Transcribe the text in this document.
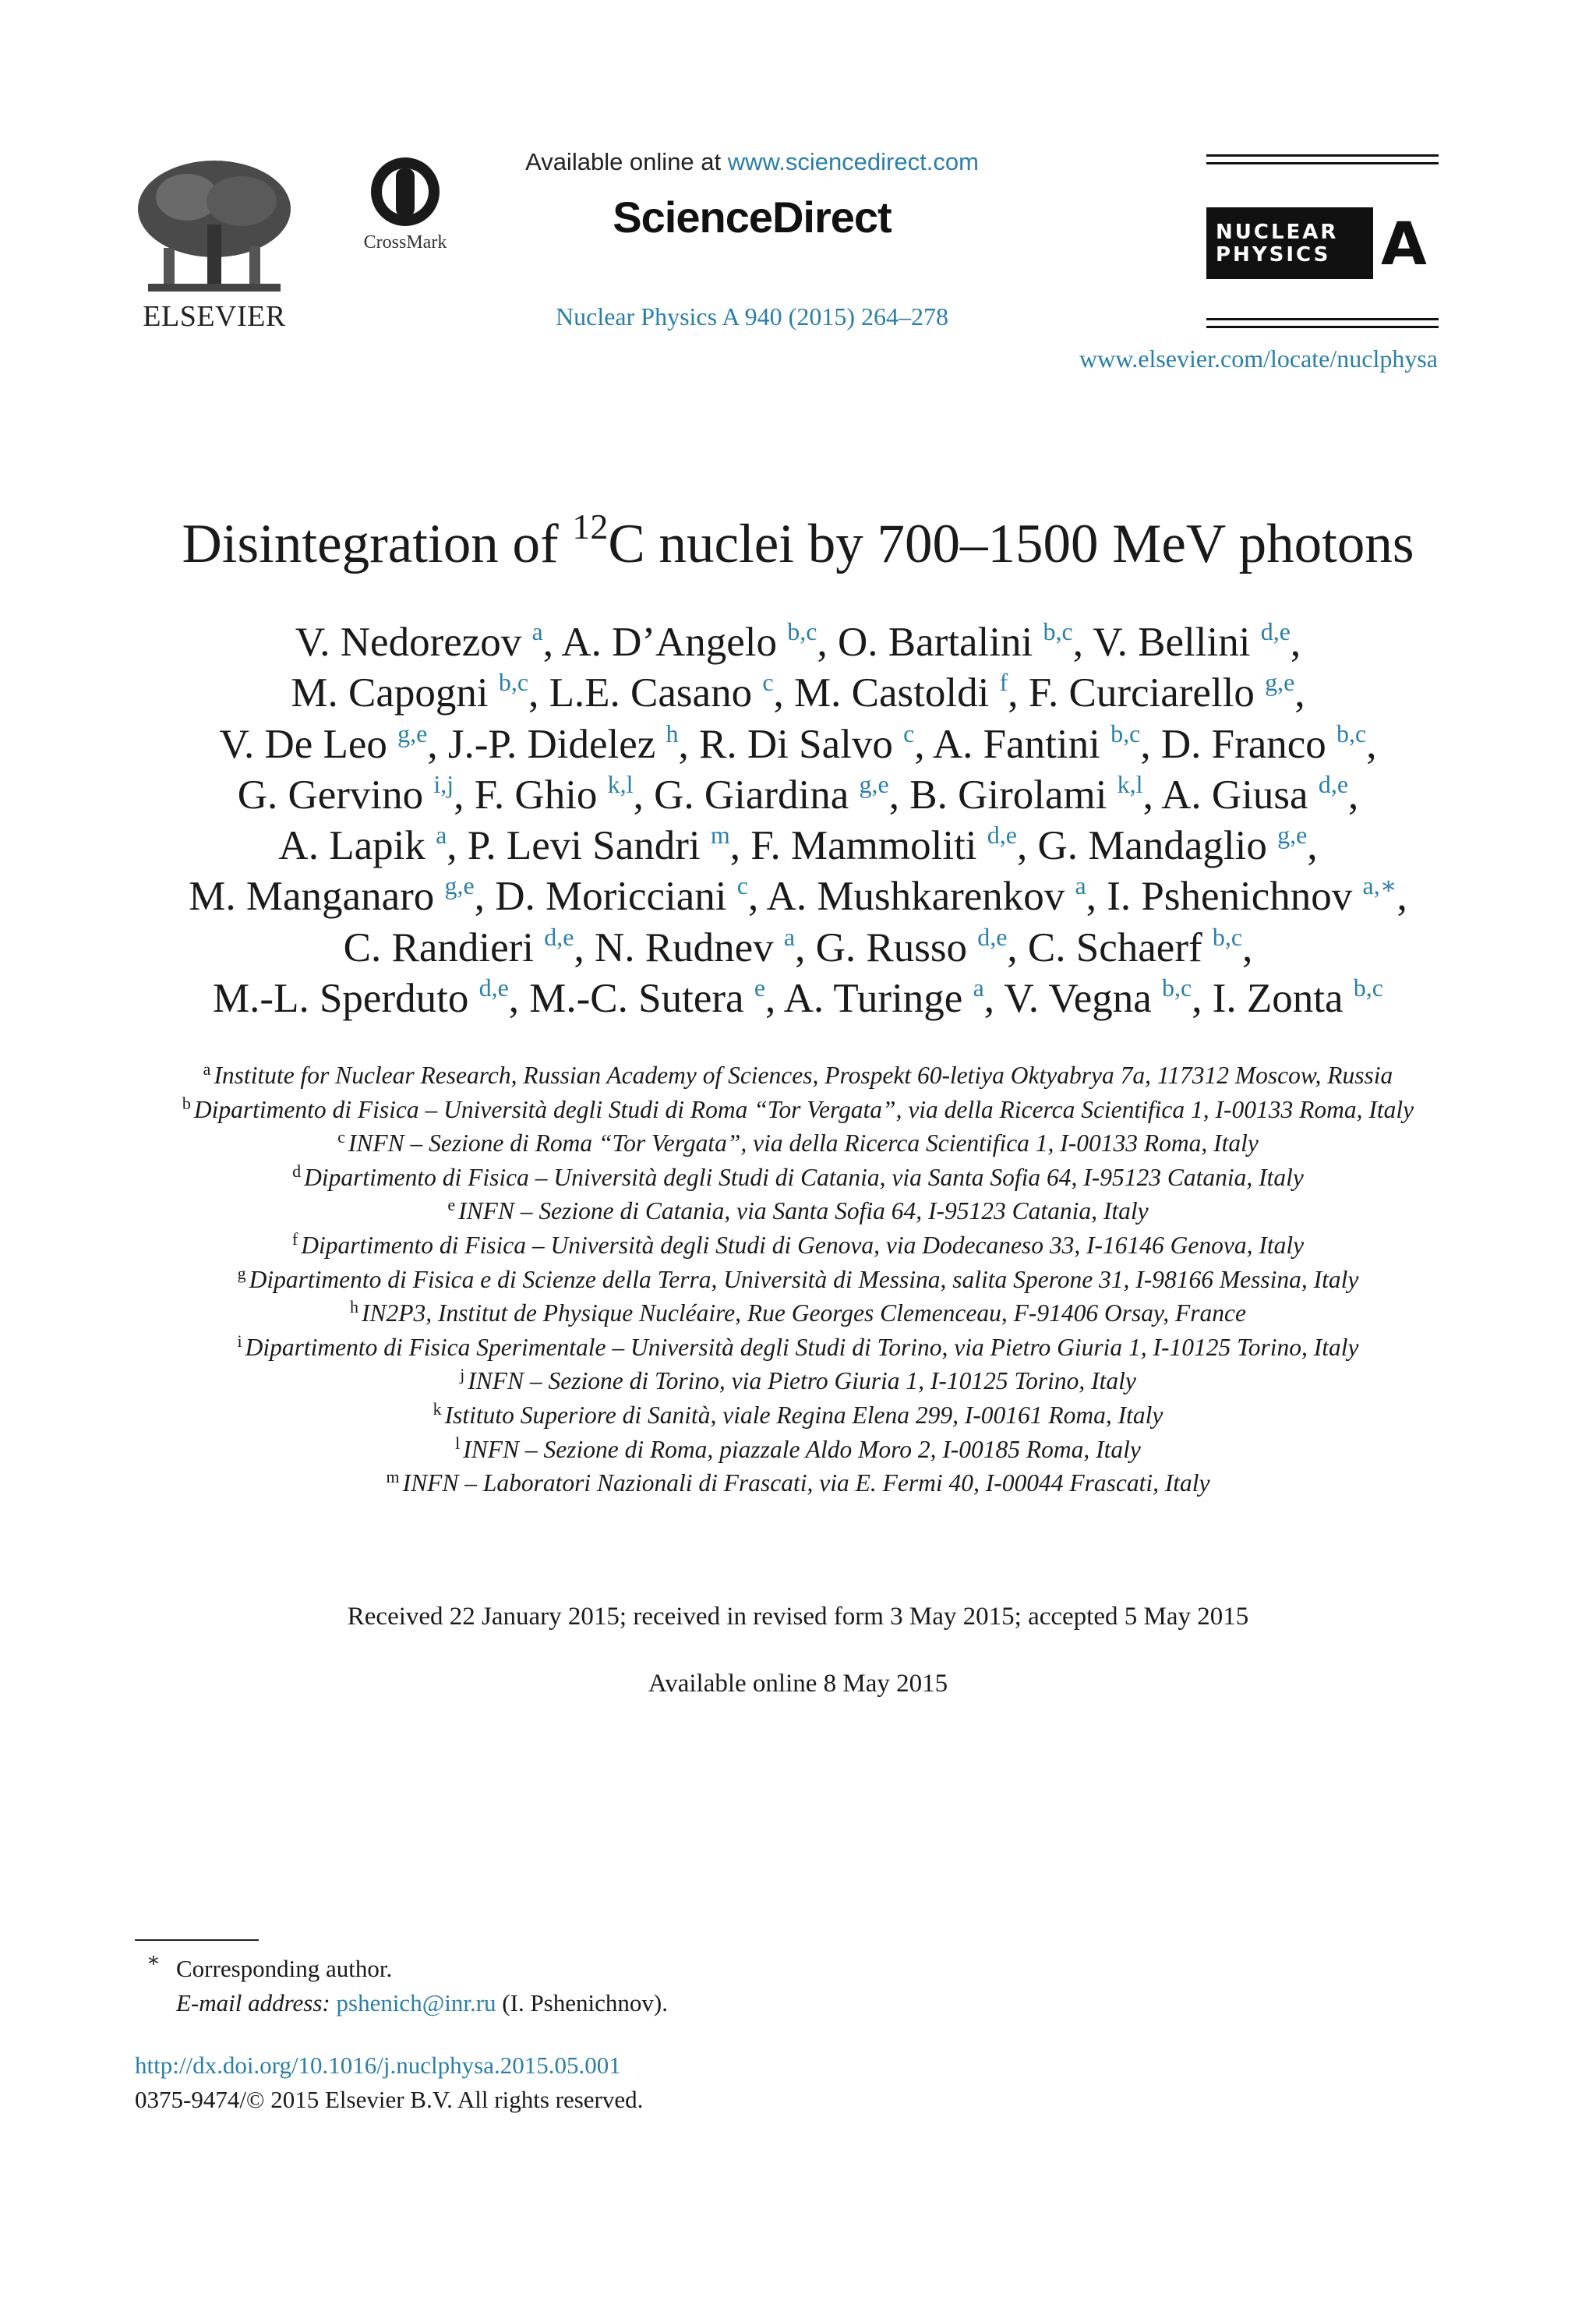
ELSEVIER
CrossMark
Available online at www.sciencedirect.com
ScienceDirect
Nuclear Physics A 940 (2015) 264–278
NUCLEAR
PHYSICS A
www.elsevier.com/locate/nuclphysa
Disintegration of $^{12}$C nuclei by 700–1500 MeV photons
V. Nedorezov $^a$, A. D’Angelo $^{b,c}$, O. Bartalini $^{b,c}$, V. Bellini $^{d,e}$,
M. Capogni $^{b,c}$, L.E. Casano $^c$, M. Castoldi $^f$, F. Curciarello $^{g,e}$,
V. De Leo $^{g,e}$, J.-P. Didelez $^h$, R. Di Salvo $^c$, A. Fantini $^{b,c}$, D. Franco $^{b,c}$,
G. Gervino $^{i,j}$, F. Ghio $^{k,l}$, G. Giardina $^{g,e}$, B. Girolami $^{k,l}$, A. Giusa $^{d,e}$,
A. Lapik $^a$, P. Levi Sandri $^m$, F. Mammoliti $^{d,e}$, G. Mandaglio $^{g,e}$,
M. Manganaro $^{g,e}$, D. Moricciani $^c$, A. Mushkarenkov $^a$, I. Pshenichnov $^{a,∗}$,
C. Randieri $^{d,e}$, N. Rudnev $^a$, G. Russo $^{d,e}$, C. Schaerf $^{b,c}$,
M.-L. Sperduto $^{d,e}$, M.-C. Sutera $^e$, A. Turinge $^a$, V. Vegna $^{b,c}$, I. Zonta $^{b,c}$
$^a$ Institute for Nuclear Research, Russian Academy of Sciences, Prospekt 60-letiya Oktyabrya 7a, 117312 Moscow, Russia
$^b$ Dipartimento di Fisica – Università degli Studi di Roma “Tor Vergata”, via della Ricerca Scientifica 1, I-00133 Roma, Italy
$^c$ INFN – Sezione di Roma “Tor Vergata”, via della Ricerca Scientifica 1, I-00133 Roma, Italy
$^d$ Dipartimento di Fisica – Università degli Studi di Catania, via Santa Sofia 64, I-95123 Catania, Italy
$^e$ INFN – Sezione di Catania, via Santa Sofia 64, I-95123 Catania, Italy
$^f$ Dipartimento di Fisica – Università degli Studi di Genova, via Dodecaneso 33, I-16146 Genova, Italy
$^g$ Dipartimento di Fisica e di Scienze della Terra, Università di Messina, salita Sperone 31, I-98166 Messina, Italy
$^h$ IN2P3, Institut de Physique Nucléaire, Rue Georges Clemenceau, F-91406 Orsay, France
$^i$ Dipartimento di Fisica Sperimentale – Università degli Studi di Torino, via Pietro Giuria 1, I-10125 Torino, Italy
$^j$ INFN – Sezione di Torino, via Pietro Giuria 1, I-10125 Torino, Italy
$^k$ Istituto Superiore di Sanità, viale Regina Elena 299, I-00161 Roma, Italy
$^l$ INFN – Sezione di Roma, piazzale Aldo Moro 2, I-00185 Roma, Italy
$^m$ INFN – Laboratori Nazionali di Frascati, via E. Fermi 40, I-00044 Frascati, Italy
Received 22 January 2015; received in revised form 3 May 2015; accepted 5 May 2015
Available online 8 May 2015
∗ Corresponding author.
E-mail address: pshenich@inr.ru (I. Pshenichnov).
http://dx.doi.org/10.1016/j.nuclphysa.2015.05.001
0375-9474/© 2015 Elsevier B.V. All rights reserved.
